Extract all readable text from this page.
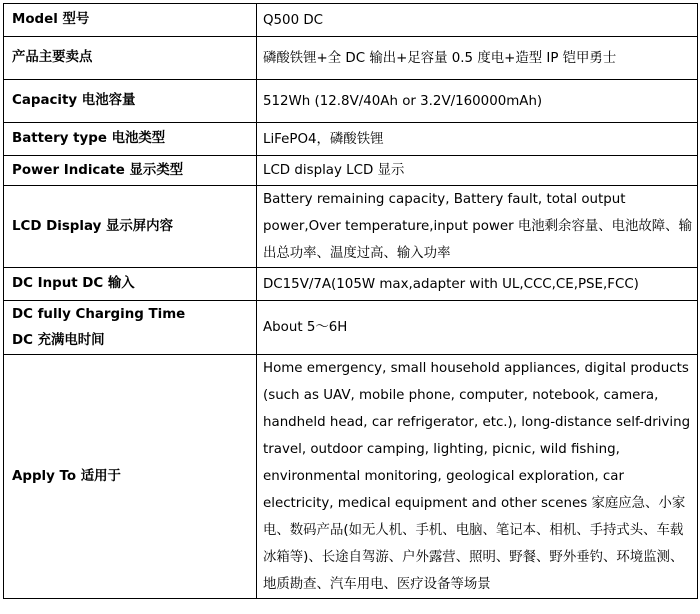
Model 型号	Q500 DC
产品主要卖点	磷酸铁锂+全 DC 输出+足容量 0.5 度电+造型 IP 铠甲勇士
Capacity 电池容量	512Wh (12.8V/40Ah or 3.2V/160000mAh)
Battery type 电池类型	LiFePO4，磷酸铁锂
Power Indicate 显示类型	LCD display LCD 显示
LCD Display 显示屏内容	Battery remaining capacity, Battery fault, total output power,Over temperature,input power 电池剩余容量、电池故障、输出总功率、温度过高、输入功率
DC Input DC 输入	DC15V/7A(105W max,adapter with UL,CCC,CE,PSE,FCC)

DC fully Charging Time
DC 充满电时间	About 5～6H
Apply To 适用于	Home emergency, small household appliances, digital products (such as UAV, mobile phone, computer, notebook, camera, handheld head, car refrigerator, etc.), long-distance self-driving travel, outdoor camping, lighting, picnic, wild fishing, environmental monitoring, geological exploration, car electricity, medical equipment and other scenes 家庭应急、小家电、数码产品(如无人机、手机、电脑、笔记本、相机、手持式头、车载冰箱等)、长途自驾游、户外露营、照明、野餐、野外垂钓、环境监测、地质勘查、汽车用电、医疗设备等场景
